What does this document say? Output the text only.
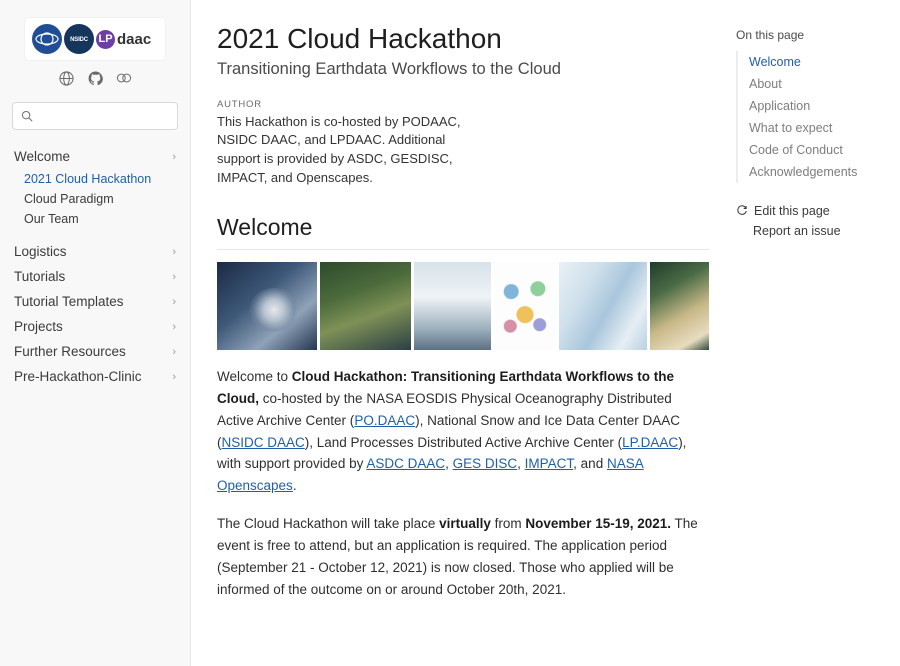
NSIDC LP daac
Welcome	›
2021 Cloud Hackathon
Cloud Paradigm
Our Team
Logistics	›
Tutorials	›
Tutorial Templates	›
Projects	›
Further Resources	›
Pre-Hackathon-Clinic	›
2021 Cloud Hackathon
Transitioning Earthdata Workflows to the Cloud
AUTHOR
This Hackathon is co-hosted by PODAAC, NSIDC DAAC, and LPDAAC. Additional support is provided by ASDC, GESDISC, IMPACT, and Openscapes.
Welcome

Welcome to Cloud Hackathon: Transitioning Earthdata Workflows to the Cloud, co-hosted by the NASA EOSDIS Physical Oceanography Distributed Active Archive Center (PO.DAAC), National Snow and Ice Data Center DAAC (NSIDC DAAC), Land Processes Distributed Active Archive Center (LP.DAAC), with support provided by ASDC DAAC, GES DISC, IMPACT, and NASA Openscapes.

The Cloud Hackathon will take place virtually from November 15-19, 2021. The event is free to attend, but an application is required. The application period (September 21 - October 12, 2021) is now closed. Those who applied will be informed of the outcome on or around October 20th, 2021.

On this page
Welcome
About
Application
What to expect
Code of Conduct
Acknowledgements
Edit this page
Report an issue
